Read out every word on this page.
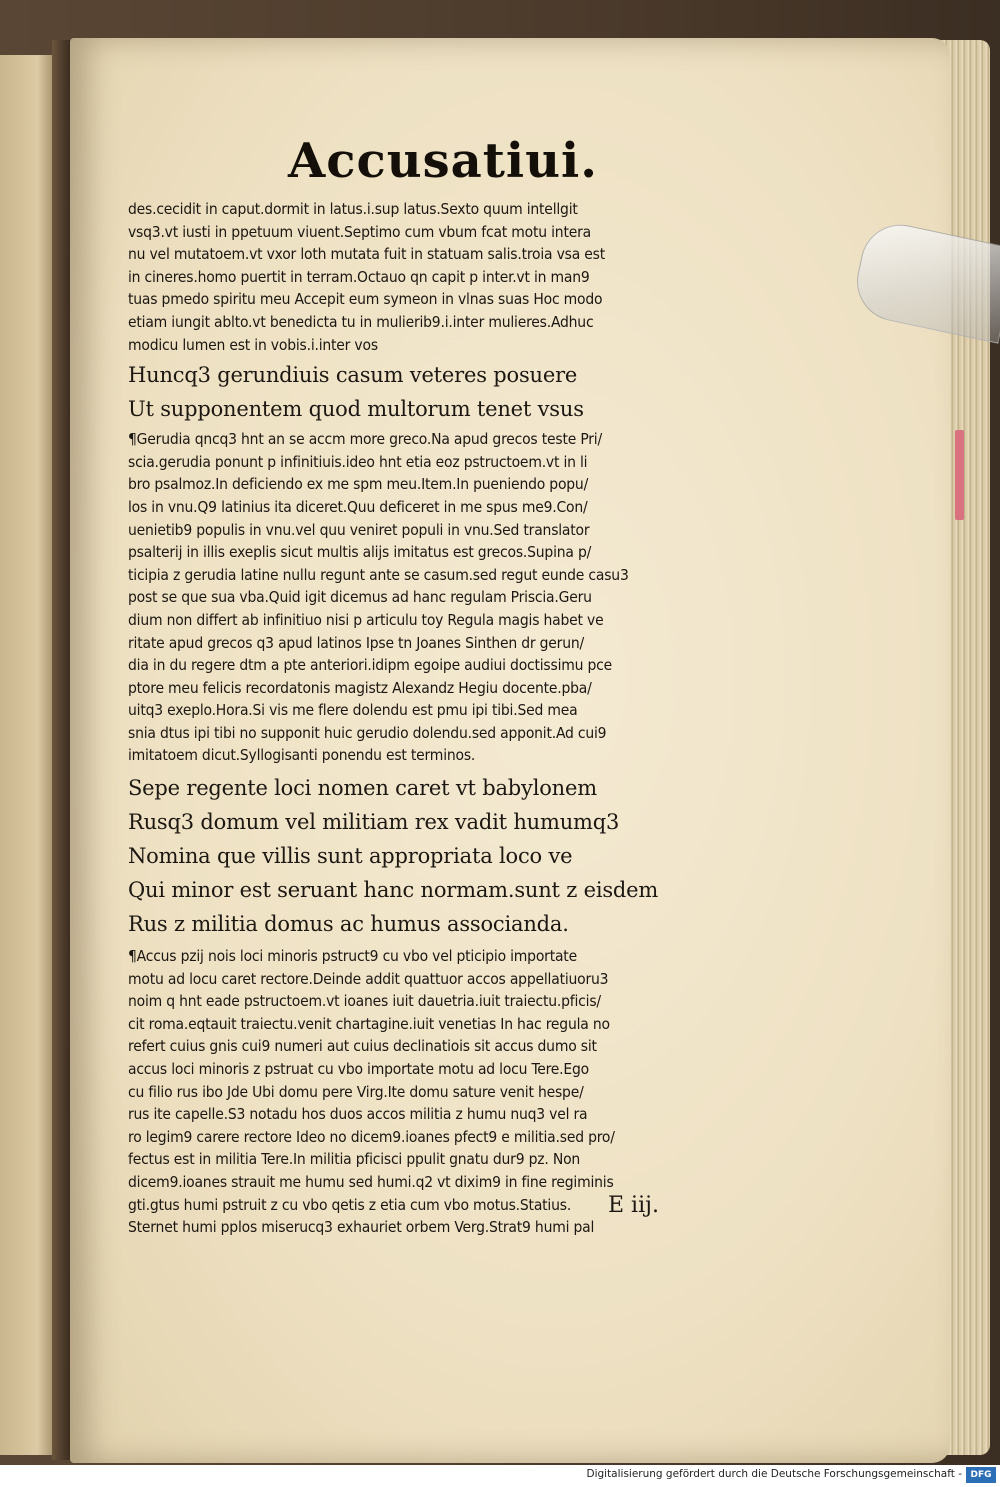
Accusatiui.
des.cecidit in caput.dormit in latus.i.sup latus.Sexto quum intellgit
vsq3.vt iusti in ppetuum viuent.Septimo cum vbum fcat motu intera
nu vel mutatoem.vt vxor loth mutata fuit in statuam salis.troia vsa est
in cineres.homo puertit in terram.Octauo qn capit p inter.vt in man9
tuas pmedo spiritu meu Accepit eum symeon in vlnas suas Hoc modo
etiam iungit ablto.vt benedicta tu in mulierib9.i.inter mulieres.Adhuc
modicu lumen est in vobis.i.inter vos
Huncq3 gerundiuis casum veteres posuere
Ut supponentem quod multorum tenet vsus
¶Gerudia qncq3 hnt an se accm more greco.Na apud grecos teste Pri/
scia.gerudia ponunt p infinitiuis.ideo hnt etia eoz pstructoem.vt in li
bro psalmoz.In deficiendo ex me spm meu.Item.In pueniendo popu/
los in vnu.Q9 latinius ita diceret.Quu deficeret in me spus me9.Con/
uenietib9 populis in vnu.vel quu veniret populi in vnu.Sed translator
psalterij in illis exeplis sicut multis alijs imitatus est grecos.Supina p/
ticipia z gerudia latine nullu regunt ante se casum.sed regut eunde casu3
post se que sua vba.Quid igit dicemus ad hanc regulam Priscia.Geru
dium non differt ab infinitiuo nisi p articulu toy Regula magis habet ve
ritate apud grecos q3 apud latinos Ipse tn Joanes Sinthen dr gerun/
dia in du regere dtm a pte anteriori.idipm egoipe audiui doctissimu pce
ptore meu felicis recordatonis magistz Alexandz Hegiu docente.pba/
uitq3 exeplo.Hora.Si vis me flere dolendu est pmu ipi tibi.Sed mea
snia dtus ipi tibi no supponit huic gerudio dolendu.sed apponit.Ad cui9
imitatoem dicut.Syllogisanti ponendu est terminos.
Sepe regente loci nomen caret vt babylonem
Rusq3 domum vel militiam rex vadit humumq3
Nomina que villis sunt appropriata loco ve
Qui minor est seruant hanc normam.sunt z eisdem
Rus z militia domus ac humus associanda.
¶Accus pzij nois loci minoris pstruct9 cu vbo vel pticipio importate
motu ad locu caret rectore.Deinde addit quattuor accos appellatiuoru3
noim q hnt eade pstructoem.vt ioanes iuit dauetria.iuit traiectu.pficis/
cit roma.eqtauit traiectu.venit chartagine.iuit venetias In hac regula no
refert cuius gnis cui9 numeri aut cuius declinatiois sit accus dumo sit
accus loci minoris z pstruat cu vbo importate motu ad locu Tere.Ego
cu filio rus ibo Jde Ubi domu pere Virg.Ite domu sature venit hespe/
rus ite capelle.S3 notadu hos duos accos militia z humu nuq3 vel ra
ro legim9 carere rectore Ideo no dicem9.ioanes pfect9 e militia.sed pro/
fectus est in militia Tere.In militia pficisci ppulit gnatu dur9 pz. Non
dicem9.ioanes strauit me humu sed humi.q2 vt dixim9 in fine regiminis
gti.gtus humi pstruit z cu vbo qetis z etia cum vbo motus.Statius.
Sternet humi pplos miserucq3 exhauriet orbem Verg.Strat9 humi pal
E iij.
Digitalisierung gefördert durch die Deutsche Forschungsgemeinschaft - DFG
